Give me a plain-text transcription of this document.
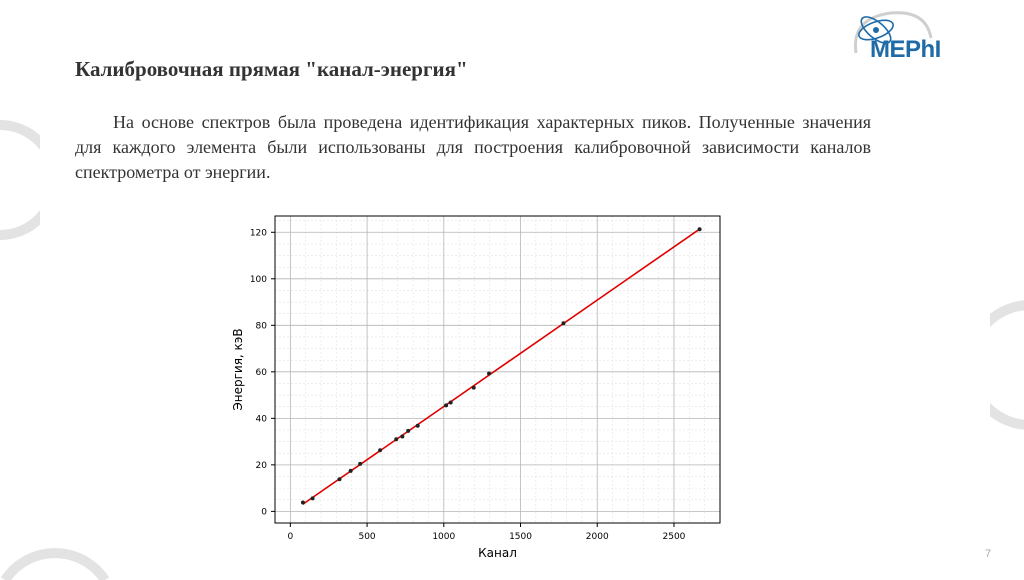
MEPhI
Калибровочная прямая "канал-энергия"

На основе спектров была проведена идентификация характерных пиков. Полученные значения для каждого элемента были использованы для построения калибровочной зависимости каналов спектрометра от энергии.

0	500	1000	1500	2000	2500
0
20
40
60
80
100
120
Канал
Энергия, кэВ
7
